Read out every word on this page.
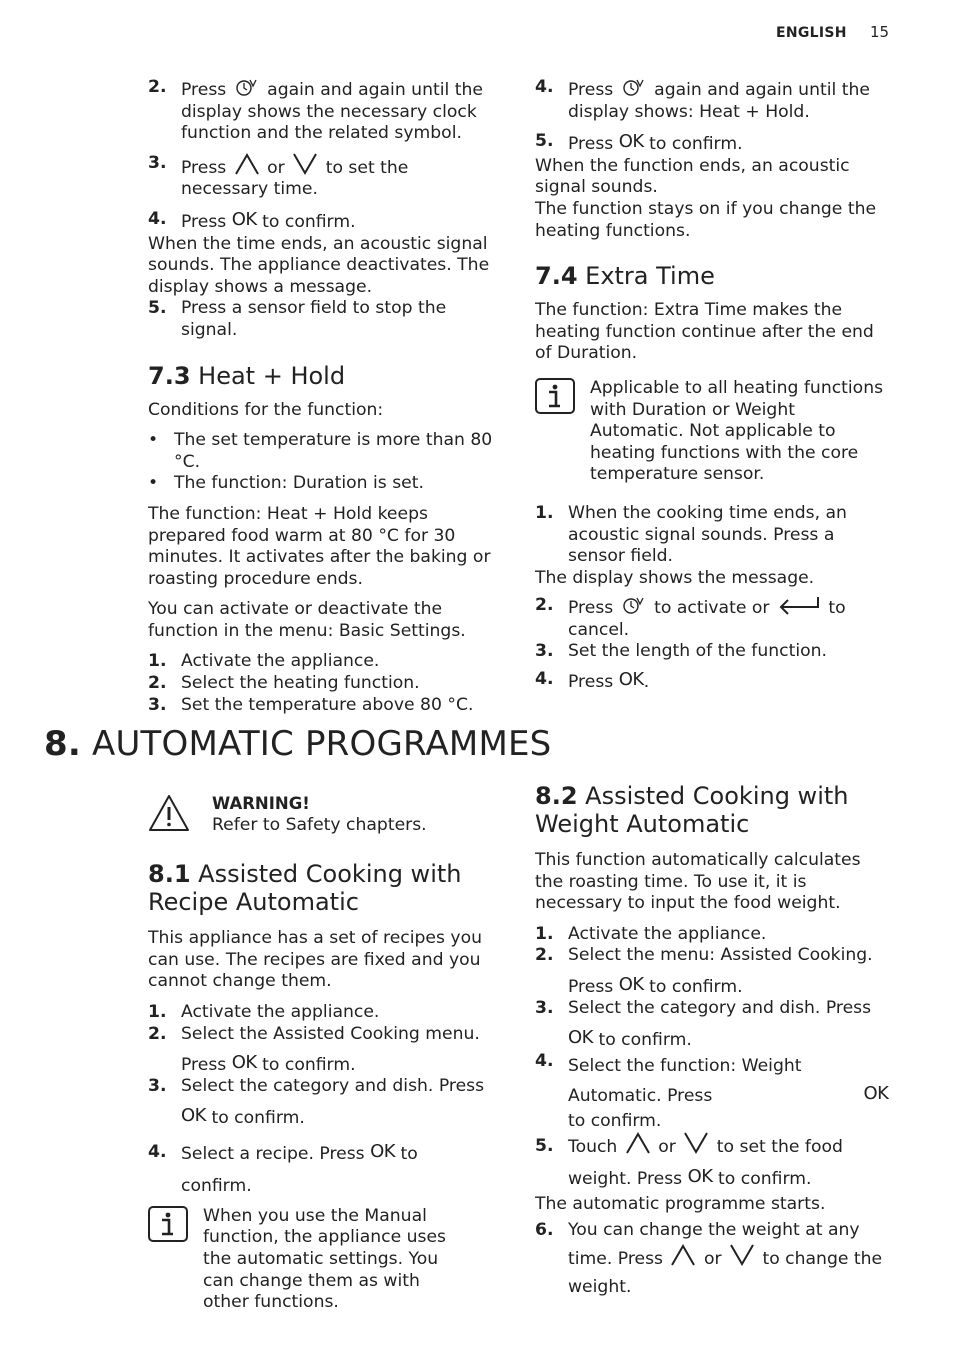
ENGLISH 15

2. Press again and again until the display shows the necessary clock function and the related symbol.

3. Press or to set the necessary time.

4. Press OK to confirm.

When the time ends, an acoustic signal sounds. The appliance deactivates. The display shows a message.

5. Press a sensor field to stop the signal.

7.3 Heat + Hold

Conditions for the function:

• The set temperature is more than 80 °C.

• The function: Duration is set.

The function: Heat + Hold keeps prepared food warm at 80 °C for 30 minutes. It activates after the baking or roasting procedure ends.

You can activate or deactivate the function in the menu: Basic Settings.

1. Activate the appliance.

2. Select the heating function.

3. Set the temperature above 80 °C.

4. Press again and again until the display shows: Heat + Hold.

5. Press OK to confirm.

When the function ends, an acoustic signal sounds.

The function stays on if you change the heating functions.

7.4 Extra Time

The function: Extra Time makes the heating function continue after the end of Duration.

Applicable to all heating functions with Duration or Weight Automatic. Not applicable to heating functions with the core temperature sensor.

1. When the cooking time ends, an acoustic signal sounds. Press a sensor field.

The display shows the message.

2. Press to activate or	to cancel.

3. Set the length of the function.

4. Press OK.

8. AUTOMATIC PROGRAMMES

WARNING!

Refer to Safety chapters.

8.1 Assisted Cooking with Recipe Automatic

This appliance has a set of recipes you can use. The recipes are fixed and you cannot change them.

1. Activate the appliance.

2. Select the Assisted Cooking menu.
Press OK to confirm.

3. Select the category and dish. Press
OK to confirm.

4. Select a recipe. Press OK to confirm.

When you use the Manual function, the appliance uses the automatic settings. You can change them as with other functions.

8.2 Assisted Cooking with Weight Automatic

This function automatically calculates the roasting time. To use it, it is necessary to input the food weight.

1. Activate the appliance.

2. Select the menu: Assisted Cooking.
Press OK to confirm.

3. Select the category and dish. Press
OK to confirm.

4. Select the function: Weight Automatic. Press	OK to confirm.

5. Touch or to set the food weight. Press OK to confirm.

The automatic programme starts.

6. You can change the weight at any time. Press or to change the weight.
